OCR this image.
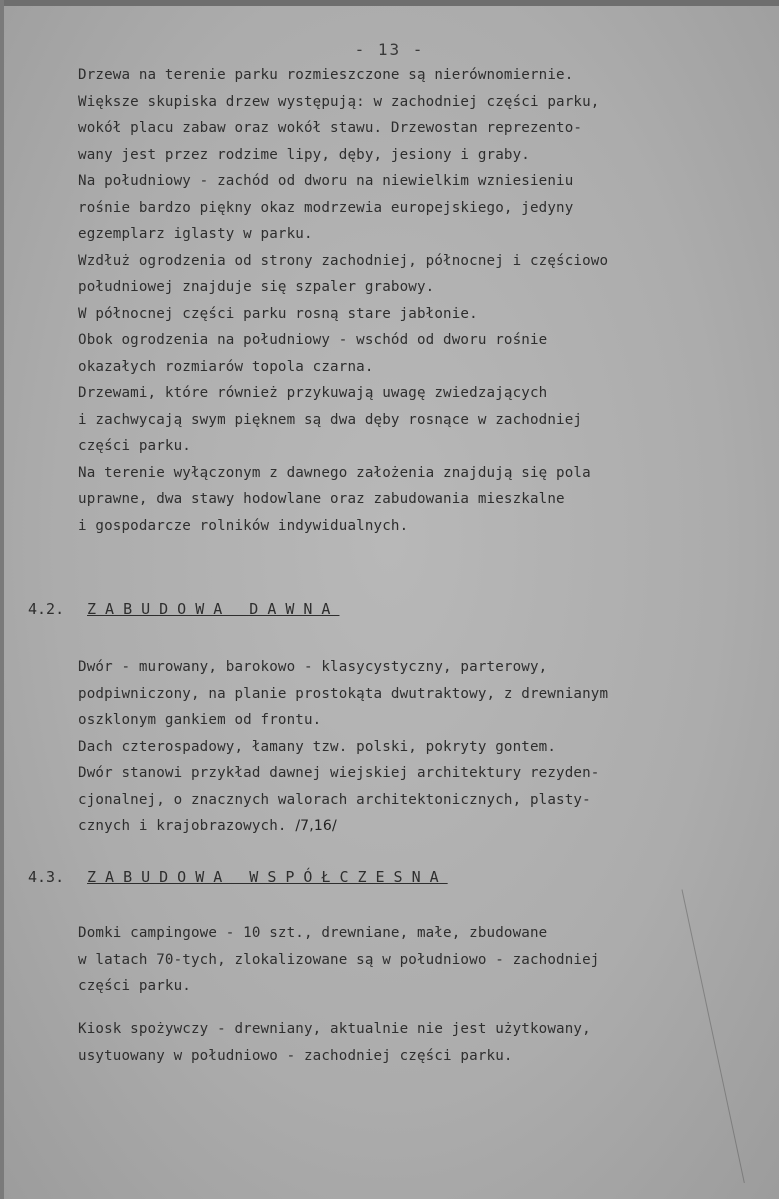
- 13 -
Drzewa na terenie parku rozmieszczone są nierównomiernie.
Większe skupiska drzew występują: w zachodniej części parku,
wokół placu zabaw oraz wokół stawu. Drzewostan reprezento-
wany jest przez rodzime lipy, dęby, jesiony i graby.
Na południowy - zachód od dworu na niewielkim wzniesieniu
rośnie bardzo piękny okaz modrzewia europejskiego, jedyny
egzemplarz iglasty w parku.
Wzdłuż ogrodzenia od strony zachodniej, północnej i częściowo
południowej znajduje się szpaler grabowy.
W północnej części parku rosną stare jabłonie.
Obok ogrodzenia na południowy - wschód od dworu rośnie
okazałych rozmiarów topola czarna.
Drzewami, które również przykuwają uwagę zwiedzających
i zachwycają swym pięknem są dwa dęby rosnące w zachodniej
części parku.
Na terenie wyłączonym z dawnego założenia znajdują się pola
uprawne, dwa stawy hodowlane oraz zabudowania mieszkalne
i gospodarcze rolników indywidualnych.
4.2. ZABUDOWA DAWNA
Dwór - murowany, barokowo - klasycystyczny, parterowy,
podpiwniczony, na planie prostokąta dwutraktowy, z drewnianym
oszklonym gankiem od frontu.
Dach czterospadowy, łamany tzw. polski, pokryty gontem.
Dwór stanowi przykład dawnej wiejskiej architektury rezyden-
cjonalnej, o znacznych walorach architektonicznych, plasty-
cznych i krajobrazowych. /7,16/
4.3. ZABUDOWA WSPÓŁCZESNA
Domki campingowe - 10 szt., drewniane, małe, zbudowane
w latach 70-tych, zlokalizowane są w południowo - zachodniej
części parku.
Kiosk spożywczy - drewniany, aktualnie nie jest użytkowany,
usytuowany w południowo - zachodniej części parku.
